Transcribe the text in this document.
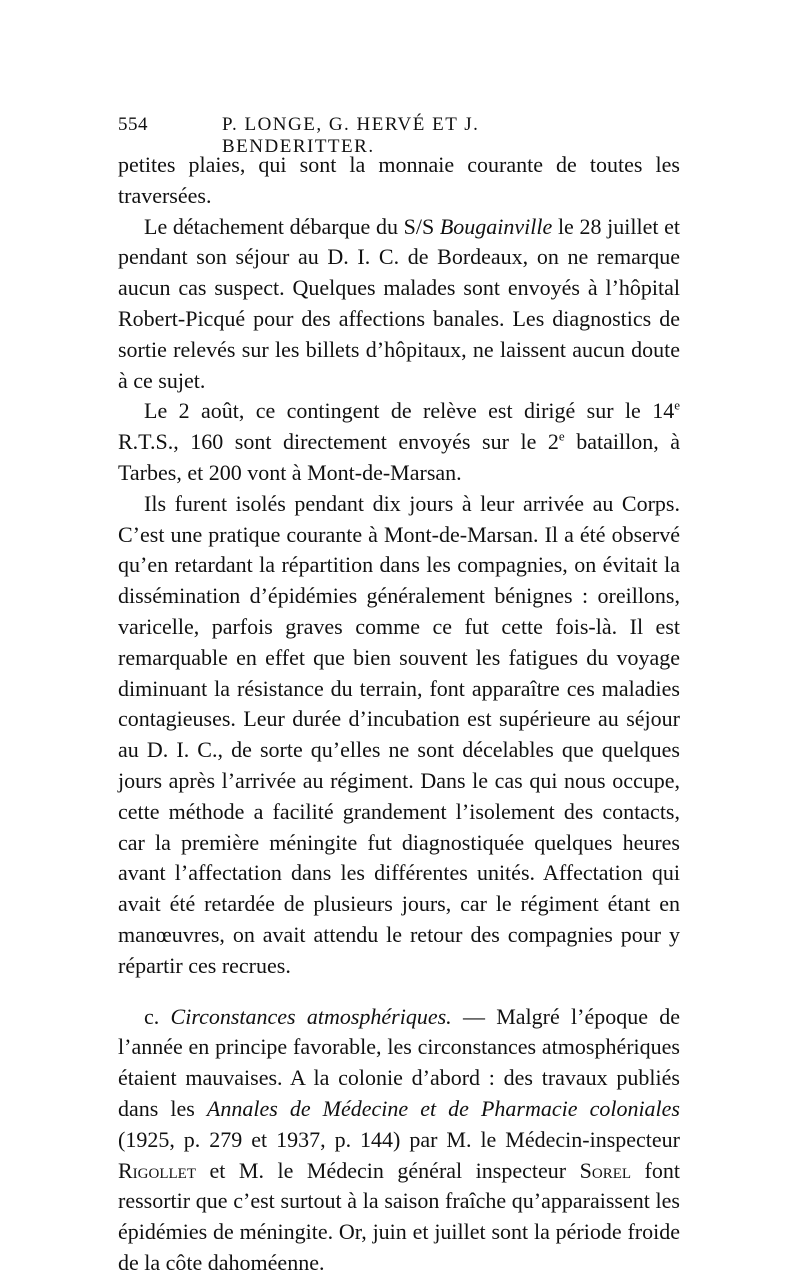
554	P. LONGE, G. HERVÉ ET J. BENDERITTER.

petites plaies, qui sont la monnaie courante de toutes les traversées.

Le détachement débarque du S/S Bougainville le 28 juillet et pendant son séjour au D. I. C. de Bordeaux, on ne remarque aucun cas suspect. Quelques malades sont envoyés à l’hôpital Robert-Picqué pour des affections banales. Les diagnostics de sortie relevés sur les billets d’hôpitaux, ne laissent aucun doute à ce sujet.

Le 2 août, ce contingent de relève est dirigé sur le 14e R.T.S., 160 sont directement envoyés sur le 2e bataillon, à Tarbes, et 200 vont à Mont-de-Marsan.

Ils furent isolés pendant dix jours à leur arrivée au Corps. C’est une pratique courante à Mont-de-Marsan. Il a été observé qu’en retardant la répartition dans les compagnies, on évitait la dissémination d’épidémies généralement bénignes : oreillons, varicelle, parfois graves comme ce fut cette fois-là. Il est remarquable en effet que bien souvent les fatigues du voyage diminuant la résistance du terrain, font apparaître ces maladies contagieuses. Leur durée d’incubation est supérieure au séjour au D. I. C., de sorte qu’elles ne sont décelables que quelques jours après l’arrivée au régiment. Dans le cas qui nous occupe, cette méthode a facilité grandement l’isolement des contacts, car la première méningite fut diagnostiquée quelques heures avant l’affectation dans les différentes unités. Affectation qui avait été retardée de plusieurs jours, car le régiment étant en manœuvres, on avait attendu le retour des compagnies pour y répartir ces recrues.

c. Circonstances atmosphériques. — Malgré l’époque de l’année en principe favorable, les circonstances atmosphériques étaient mauvaises. A la colonie d’abord : des travaux publiés dans les Annales de Médecine et de Pharmacie coloniales (1925, p. 279 et 1937, p. 144) par M. le Médecin-inspecteur Rigollet et M. le Médecin général inspecteur Sorel font ressortir que c’est surtout à la saison fraîche qu’apparaissent les épidémies de méningite. Or, juin et juillet sont la période froide de la côte dahoméenne.
